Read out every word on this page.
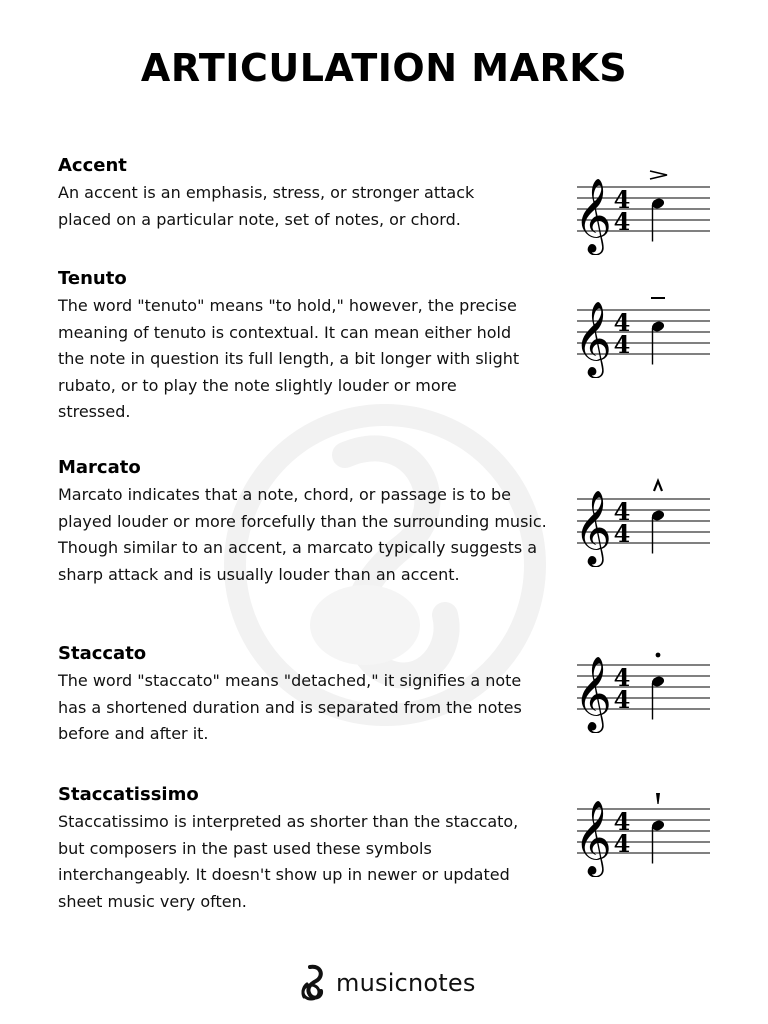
ARTICULATION MARKS
Accent

An accent is an emphasis, stress, or stronger attack placed on a particular note, set of notes, or chord.

Tenuto

The word "tenuto" means "to hold," however, the precise meaning of tenuto is contextual. It can mean either hold the note in question its full length, a bit longer with slight rubato, or to play the note slightly louder or more stressed.

Marcato

Marcato indicates that a note, chord, or passage is to be played louder or more forcefully than the surrounding music. Though similar to an accent, a marcato typically suggests a sharp attack and is usually louder than an accent.

Staccato

The word "staccato" means "detached," it signifies a note has a shortened duration and is separated from the notes before and after it.

Staccatissimo

Staccatissimo is interpreted as shorter than the staccato, but composers in the past used these symbols interchangeably. It doesn't show up in newer or updated sheet music very often.

𝄞 4
4
𝄞 4
4
𝄞 4
4
𝄞 4
4
𝄞 4
4
musicnotes
